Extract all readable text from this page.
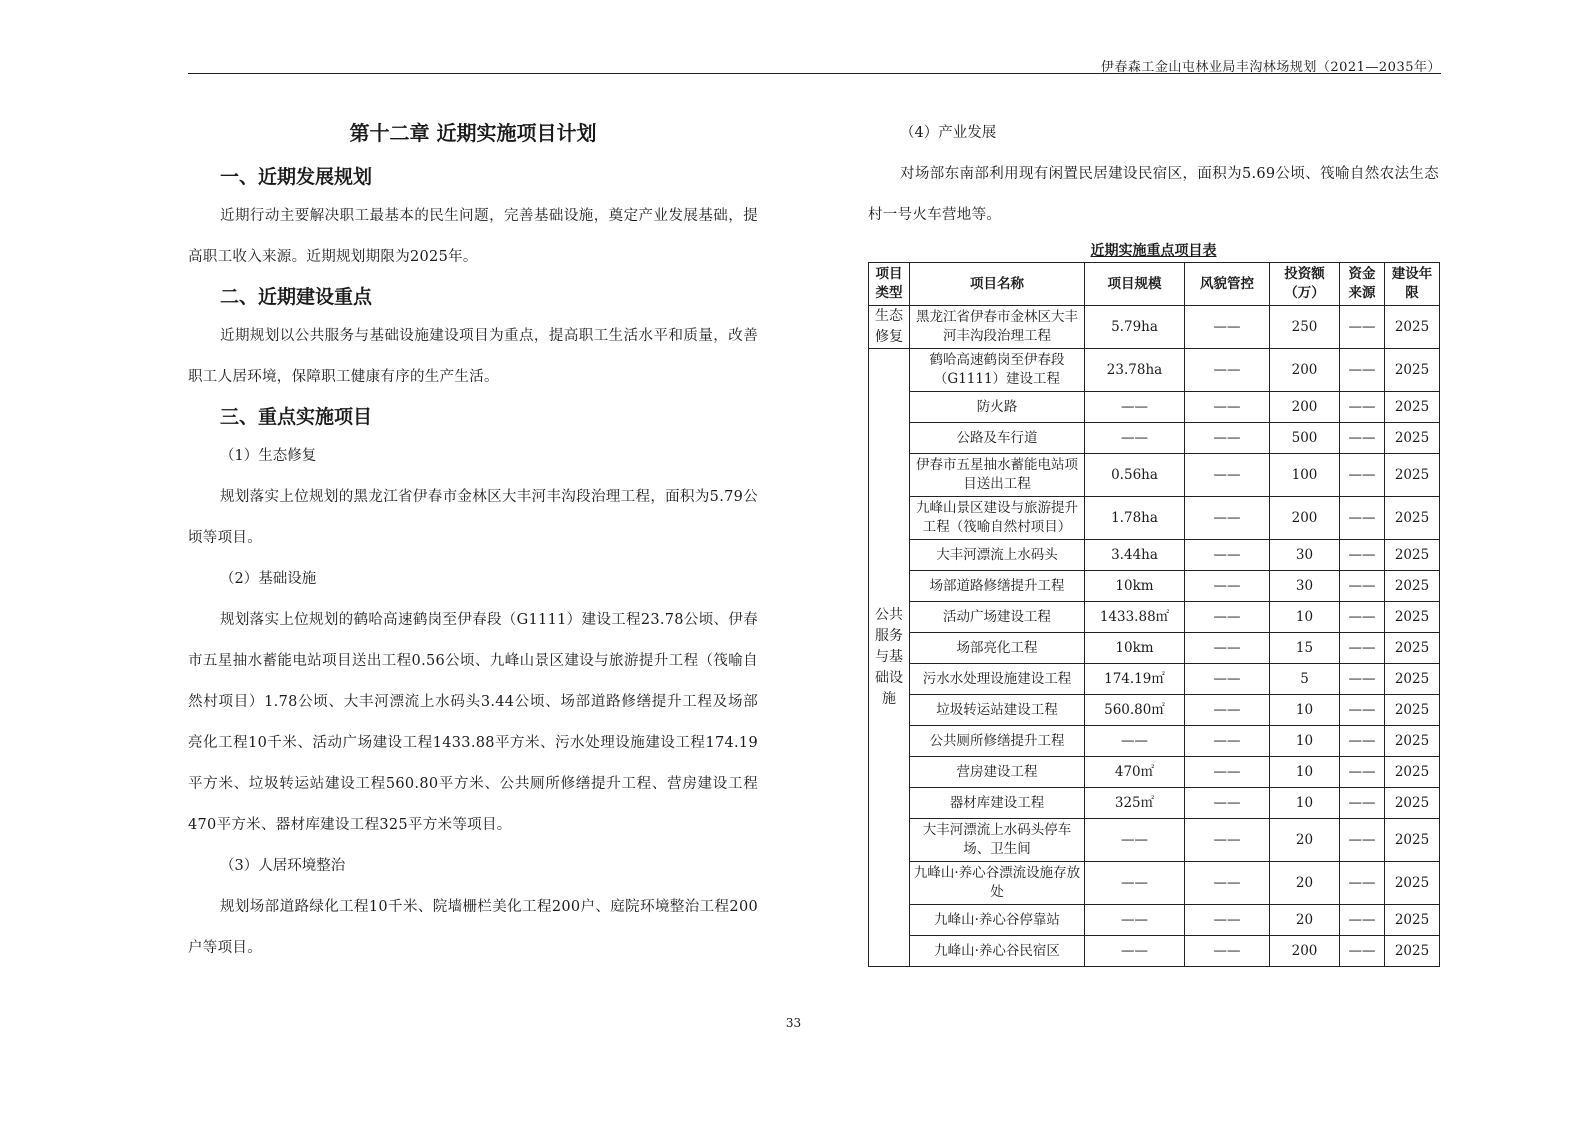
伊春森工金山屯林业局丰沟林场规划（2021—2035年）
第十二章 近期实施项目计划
一、近期发展规划

近期行动主要解决职工最基本的民生问题，完善基础设施，奠定产业发展基础，提高职工收入来源。近期规划期限为2025年。

二、近期建设重点

近期规划以公共服务与基础设施建设项目为重点，提高职工生活水平和质量，改善职工人居环境，保障职工健康有序的生产生活。

三、重点实施项目

（1）生态修复

规划落实上位规划的黑龙江省伊春市金林区大丰河丰沟段治理工程，面积为5.79公顷等项目。

（2）基础设施

规划落实上位规划的鹤哈高速鹤岗至伊春段（G1111）建设工程23.78公顷、伊春市五星抽水蓄能电站项目送出工程0.56公顷、九峰山景区建设与旅游提升工程（筏喻自然村项目）1.78公顷、大丰河漂流上水码头3.44公顷、场部道路修缮提升工程及场部亮化工程10千米、活动广场建设工程1433.88平方米、污水处理设施建设工程174.19平方米、垃圾转运站建设工程560.80平方米、公共厕所修缮提升工程、营房建设工程470平方米、器材库建设工程325平方米等项目。

（3）人居环境整治

规划场部道路绿化工程10千米、院墙栅栏美化工程200户、庭院环境整治工程200户等项目。

（4）产业发展

对场部东南部利用现有闲置民居建设民宿区，面积为5.69公顷、筏喻自然农法生态村一号火车营地等。

近期实施重点项目表
项目类型	项目名称	项目规模	风貌管控	投资额（万）	资金来源	建设年限
生态修复	黑龙江省伊春市金林区大丰河丰沟段治理工程	5.79ha	——	250	——	2025
公共服务与基础设施	鹤哈高速鹤岗至伊春段（G1111）建设工程	23.78ha	——	200	——	2025
	防火路	——	——	200	——	2025
	公路及车行道	——	——	500	——	2025
	伊春市五星抽水蓄能电站项目送出工程	0.56ha	——	100	——	2025
	九峰山景区建设与旅游提升工程（筏喻自然村项目）	1.78ha	——	200	——	2025
	大丰河漂流上水码头	3.44ha	——	30	——	2025
	场部道路修缮提升工程	10km	——	30	——	2025
	活动广场建设工程	1433.88㎡	——	10	——	2025
	场部亮化工程	10km	——	15	——	2025
	污水水处理设施建设工程	174.19㎡	——	5	——	2025
	垃圾转运站建设工程	560.80㎡	——	10	——	2025
	公共厕所修缮提升工程	——	——	10	——	2025
	营房建设工程	470㎡	——	10	——	2025
	器材库建设工程	325㎡	——	10	——	2025
	大丰河漂流上水码头停车场、卫生间	——	——	20	——	2025
	九峰山·养心谷漂流设施存放处	——	——	20	——	2025
	九峰山·养心谷停靠站	——	——	20	——	2025
	九峰山·养心谷民宿区	——	——	200	——	2025
33
